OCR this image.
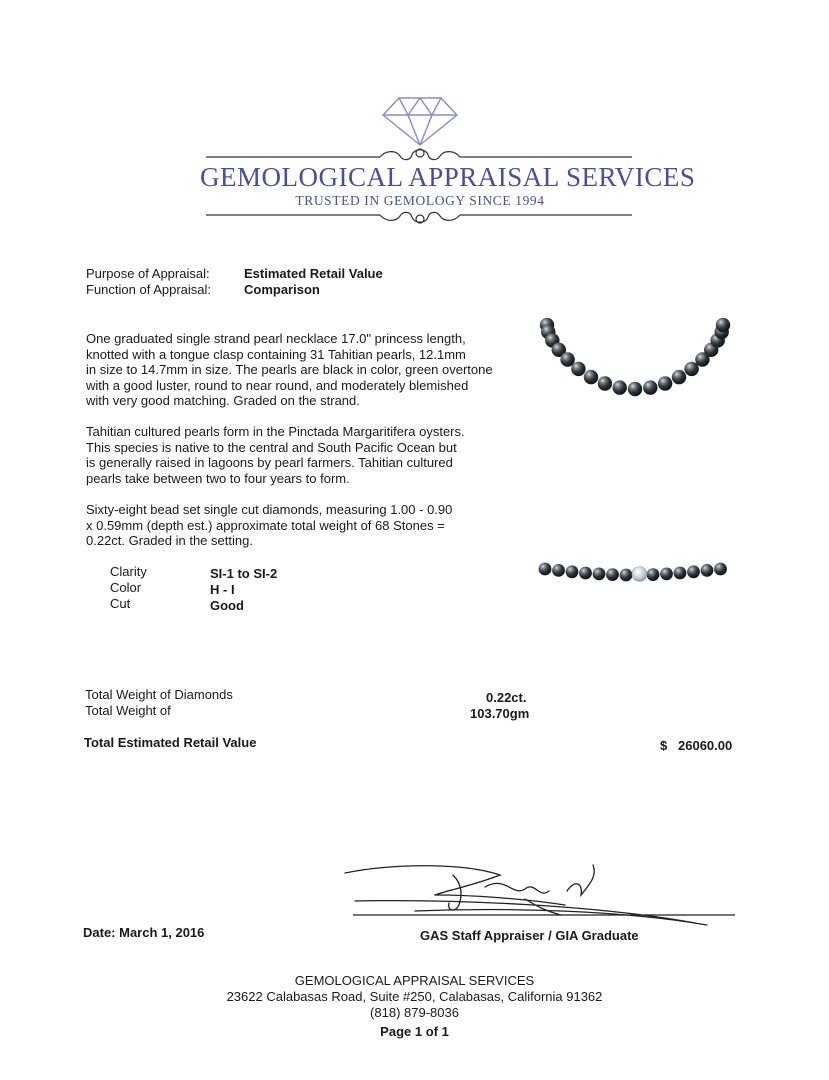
GEMOLOGICAL APPRAISAL SERVICES
TRUSTED IN GEMOLOGY SINCE 1994
Purpose of Appraisal:	Estimated Retail Value
Function of Appraisal:	Comparison
One graduated single strand pearl necklace 17.0" princess length,
knotted with a tongue clasp containing 31 Tahitian pearls, 12.1mm
in size to 14.7mm in size. The pearls are black in color, green overtone
with a good luster, round to near round, and moderately blemished
with very good matching. Graded on the strand.
Tahitian cultured pearls form in the Pinctada Margaritifera oysters.
This species is native to the central and South Pacific Ocean but
is generally raised in lagoons by pearl farmers. Tahitian cultured
pearls take between two to four years to form.
Sixty-eight bead set single cut diamonds, measuring 1.00 - 0.90
x 0.59mm (depth est.) approximate total weight of 68 Stones =
0.22ct. Graded in the setting.
Clarity	SI-1 to SI-2
Color	H - I
Cut	Good
Total Weight of Diamonds	0.22ct.
Total Weight of	103.70gm
Total Estimated Retail Value	$ 26060.00
Date: March 1, 2016	GAS Staff Appraiser / GIA Graduate
GEMOLOGICAL APPRAISAL SERVICES
23622 Calabasas Road, Suite #250, Calabasas, California 91362
(818) 879-8036
Page 1 of 1
